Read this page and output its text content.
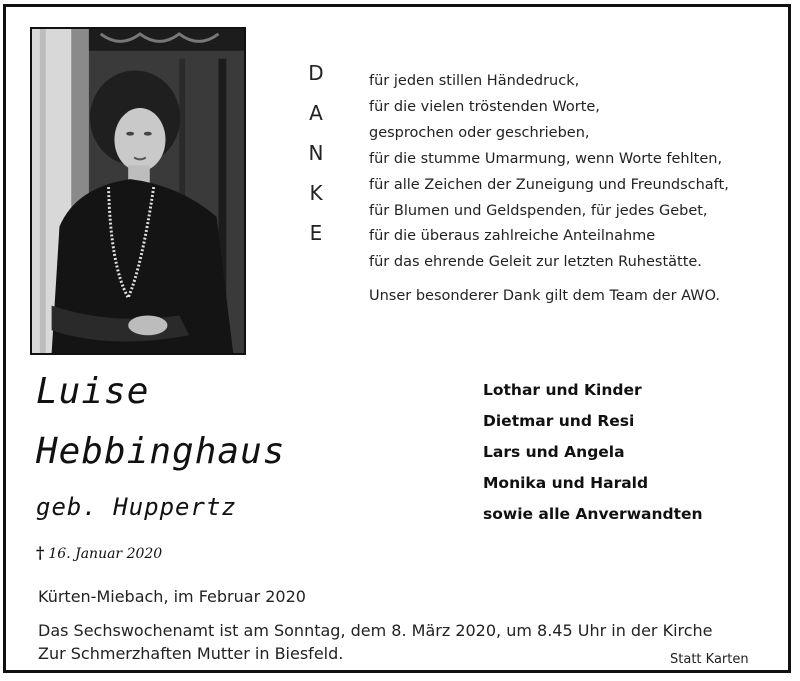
D
A
N
K
E
für jeden stillen Händedruck,
für die vielen tröstenden Worte,
gesprochen oder geschrieben,
für die stumme Umarmung, wenn Worte fehlten,
für alle Zeichen der Zuneigung und Freundschaft,
für Blumen und Geldspenden, für jedes Gebet,
für die überaus zahlreiche Anteilnahme
für das ehrende Geleit zur letzten Ruhestätte.
Unser besonderer Dank gilt dem Team der AWO.
Luise
Hebbinghaus
geb. Huppertz
† 16. Januar 2020
Lothar und Kinder
Dietmar und Resi
Lars und Angela
Monika und Harald
sowie alle Anverwandten
Kürten-Miebach, im Februar 2020
Das Sechswochenamt ist am Sonntag, dem 8. März 2020, um 8.45 Uhr in der Kirche
Zur Schmerzhaften Mutter in Biesfeld.	Statt Karten
